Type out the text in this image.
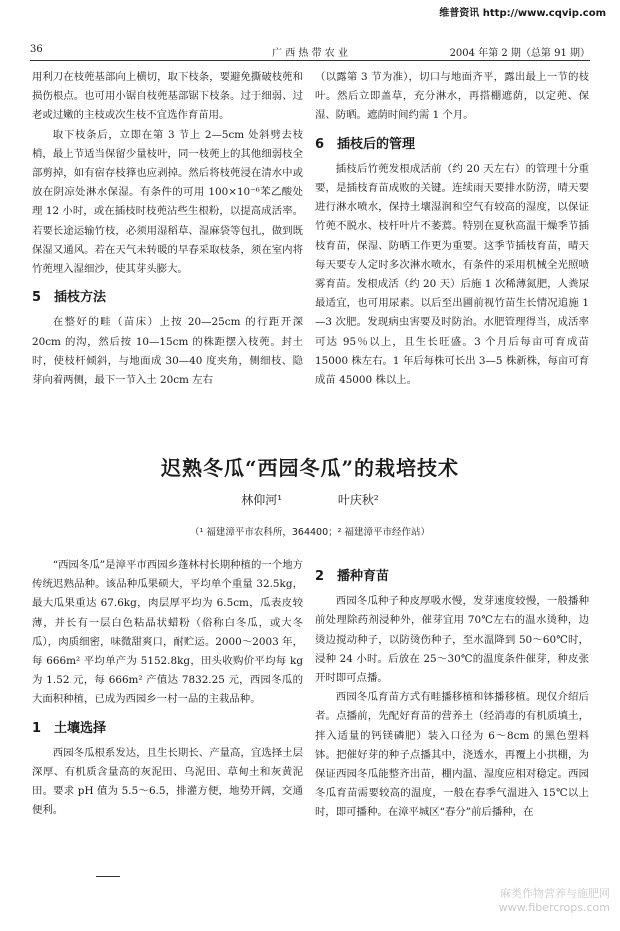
维普资讯 http://www.cqvip.com
36	广 西 热 带 农 业	2004 年第 2 期（总第 91 期）

用利刀在枝蔸基部向上横切，取下枝条，要避免撕破枝蔸和损伤根点。也可用小锯自枝蔸基部锯下枝条。过于细弱、过老或过嫩的主枝或次生枝不宜选作育苗用。

取下枝条后，立即在第 3 节上 2—5cm 处斜劈去枝梢，最上节适当保留少量枝叶，同一枝蔸上的其他细弱枝全部剪掉，如有宿存枝箨也应剥掉。然后将枝蔸浸在清水中或放在阴凉处淋水保湿。有条件的可用 100×10⁻⁶苯乙酸处理 12 小时，或在插枝时枝蔸沾些生根粉，以提高成活率。若要长途运输竹枝，必须用湿稻草、湿麻袋等包扎，做到既保湿又通风。若在天气未转暖的早春采取枝条，须在室内将竹蔸埋入湿细沙，使其芽头膨大。

5 插枝方法

在整好的畦（苗床）上按 20—25cm 的行距开深 20cm 的沟，然后按 10—15cm 的株距摆入枝蔸。封土时，使枝杆倾斜，与地面成 30—40 度夹角，侧细枝、隐芽向着两侧，最下一节入土 20cm 左右

（以露第 3 节为准），切口与地面齐平，露出最上一节的枝叶。然后立即盖草，充分淋水，再搭棚遮荫，以定蔸、保湿、防晒。遮荫时间约需 1 个月。

6 插枝后的管理

插枝后竹蔸发根成活前（约 20 天左右）的管理十分重要，是插枝育苗成败的关键。连续雨天要排水防涝，晴天要进行淋水喷水，保持土壤湿润和空气有较高的湿度，以保证竹蔸不脱水、枝杆叶片不萎蔫。特别在夏秋高温干燥季节插枝育苗，保湿、防晒工作更为重要。这季节插枝育苗，晴天每天要专人定时多次淋水喷水，有条件的采用机械全光照喷雾育苗。发根成活（约 20 天）后施 1 次稀薄氮肥，人粪尿最适宜，也可用尿素。以后至出圃前视竹苗生长情况追施 1—3 次肥。发现病虫害要及时防治。水肥管理得当，成活率可达 95％以上，且生长旺盛。3 个月后每亩可育成苗 15000 株左右。1 年后每株可长出 3—5 株新株，每亩可育成苗 45000 株以上。

迟熟冬瓜“西园冬瓜”的栽培技术
林仰河¹	叶庆秋²
（¹ 福建漳平市农科所，364400；² 福建漳平市经作站）

“西园冬瓜”是漳平市西园乡蓬林村长期种植的一个地方传统迟熟品种。该品种瓜果硕大，平均单个重量 32.5kg，最大瓜果重达 67.6kg，肉层厚平均为 6.5cm，瓜表皮较薄，并长有一层白色粘晶状蜡粉（俗称白冬瓜，或大冬瓜），肉质细密，味微甜爽口，耐贮运。2000～2003 年，每 666m² 平均单产为 5152.8kg，田头收购价平均每 kg 为 1.52 元，每 666m² 产值达 7832.25 元，西园冬瓜的大面积种植，已成为西园乡一村一品的主栽品种。

1 土壤选择

西园冬瓜根系发达，且生长期长、产量高，宜选择土层深厚、有机质含量高的灰泥田、乌泥田、草甸土和灰黄泥田。要求 pH 值为 5.5～6.5，排灌方便，地势开阔，交通便利。

2 播种育苗

西园冬瓜种子种皮厚吸水慢，发芽速度较慢，一般播种前处理除药剂浸种外，催芽宜用 70℃左右的温水烫种，边烫边搅动种子，以防烫伤种子，至水温降到 50～60℃时，浸种 24 小时。后放在 25～30℃的温度条件催芽，种皮张开时即可点播。

西园冬瓜育苗方式有畦播移植和钵播移植。现仅介绍后者。点播前，先配好育苗的营养土（经消毒的有机质填土，拌入适量的钙镁磷肥）装入口径为 6～8cm 的黑色塑料钵。把催好芽的种子点播其中，浇透水，再覆上小拱棚，为保证西园冬瓜能整齐出苗，棚内温、湿度应相对稳定。西园冬瓜育苗需要较高的温度，一般在春季气温进入 15℃以上时，即可播种。在漳平城区“春分”前后播种，在

麻类作物营养与施肥网
www.fibercrops.com
